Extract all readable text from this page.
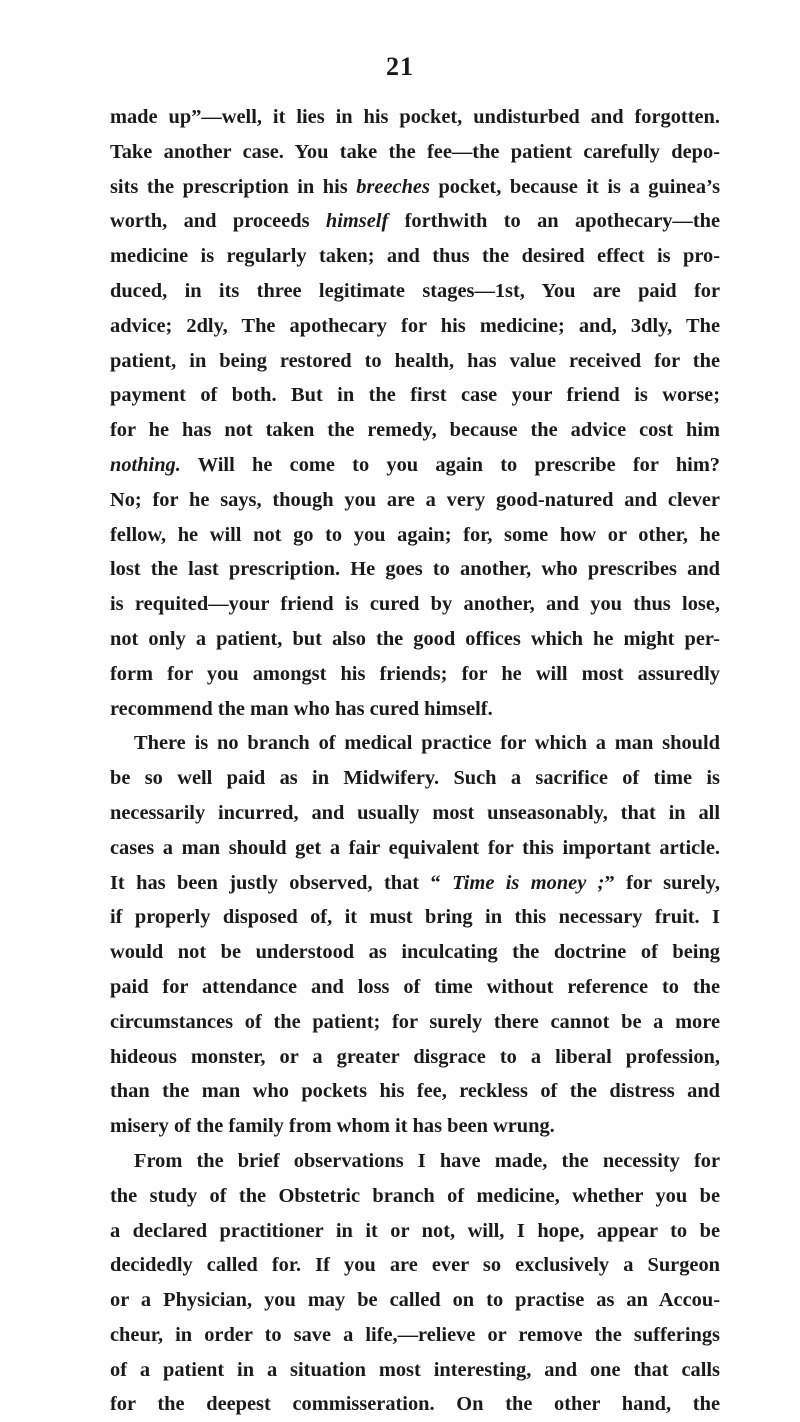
21
made up”—well, it lies in his pocket, undisturbed and forgotten.
Take another case. You take the fee—the patient carefully depo-
sits the prescription in his breeches pocket, because it is a guinea’s
worth, and proceeds himself forthwith to an apothecary—the
medicine is regularly taken; and thus the desired effect is pro-
duced, in its three legitimate stages—1st, You are paid for
advice; 2dly, The apothecary for his medicine; and, 3dly, The
patient, in being restored to health, has value received for the
payment of both. But in the first case your friend is worse;
for he has not taken the remedy, because the advice cost him
nothing. Will he come to you again to prescribe for him?
No; for he says, though you are a very good-natured and clever
fellow, he will not go to you again; for, some how or other, he
lost the last prescription. He goes to another, who prescribes and
is requited—your friend is cured by another, and you thus lose,
not only a patient, but also the good offices which he might per-
form for you amongst his friends; for he will most assuredly
recommend the man who has cured himself.
There is no branch of medical practice for which a man should
be so well paid as in Midwifery. Such a sacrifice of time is
necessarily incurred, and usually most unseasonably, that in all
cases a man should get a fair equivalent for this important article.
It has been justly observed, that “ Time is money ;” for surely,
if properly disposed of, it must bring in this necessary fruit. I
would not be understood as inculcating the doctrine of being
paid for attendance and loss of time without reference to the
circumstances of the patient; for surely there cannot be a more
hideous monster, or a greater disgrace to a liberal profession,
than the man who pockets his fee, reckless of the distress and
misery of the family from whom it has been wrung.
From the brief observations I have made, the necessity for
the study of the Obstetric branch of medicine, whether you be
a declared practitioner in it or not, will, I hope, appear to be
decidedly called for. If you are ever so exclusively a Surgeon
or a Physician, you may be called on to practise as an Accou-
cheur, in order to save a life,—relieve or remove the sufferings
of a patient in a situation most interesting, and one that calls
for the deepest commisseration. On the other hand, the
